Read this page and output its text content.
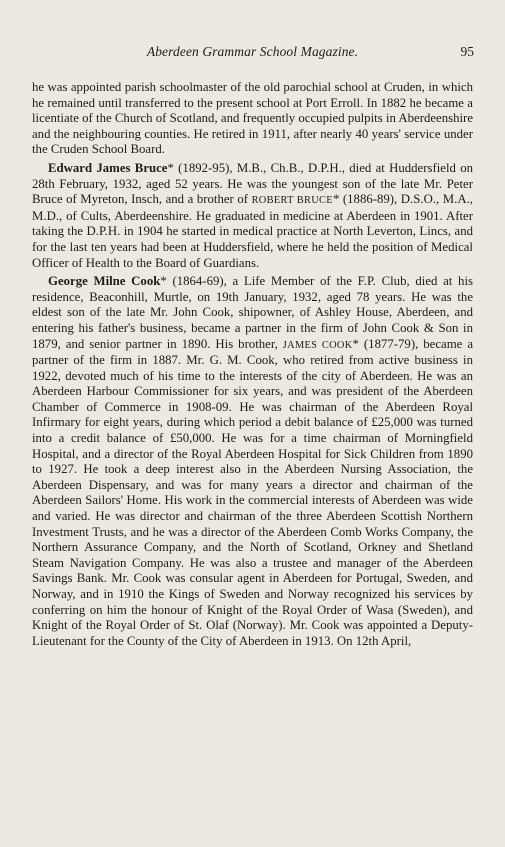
Aberdeen Grammar School Magazine.	95

he was appointed parish schoolmaster of the old parochial school at Cruden, in which he remained until transferred to the present school at Port Erroll. In 1882 he became a licentiate of the Church of Scotland, and frequently occupied pulpits in Aberdeenshire and the neighbouring counties. He retired in 1911, after nearly 40 years' service under the Cruden School Board.

Edward James Bruce* (1892-95), M.B., Ch.B., D.P.H., died at Huddersfield on 28th February, 1932, aged 52 years. He was the youngest son of the late Mr. Peter Bruce of Myreton, Insch, and a brother of ROBERT BRUCE* (1886-89), D.S.O., M.A., M.D., of Cults, Aberdeenshire. He graduated in medicine at Aberdeen in 1901. After taking the D.P.H. in 1904 he started in medical practice at North Leverton, Lincs, and for the last ten years had been at Huddersfield, where he held the position of Medical Officer of Health to the Board of Guardians.

George Milne Cook* (1864-69), a Life Member of the F.P. Club, died at his residence, Beaconhill, Murtle, on 19th January, 1932, aged 78 years. He was the eldest son of the late Mr. John Cook, shipowner, of Ashley House, Aberdeen, and entering his father's business, became a partner in the firm of John Cook & Son in 1879, and senior partner in 1890. His brother, JAMES COOK* (1877-79), became a partner of the firm in 1887. Mr. G. M. Cook, who retired from active business in 1922, devoted much of his time to the interests of the city of Aberdeen. He was an Aberdeen Harbour Commissioner for six years, and was president of the Aberdeen Chamber of Commerce in 1908-09. He was chairman of the Aberdeen Royal Infirmary for eight years, during which period a debit balance of £25,000 was turned into a credit balance of £50,000. He was for a time chairman of Morningfield Hospital, and a director of the Royal Aberdeen Hospital for Sick Children from 1890 to 1927. He took a deep interest also in the Aberdeen Nursing Association, the Aberdeen Dispensary, and was for many years a director and chairman of the Aberdeen Sailors' Home. His work in the commercial interests of Aberdeen was wide and varied. He was director and chairman of the three Aberdeen Scottish Northern Investment Trusts, and he was a director of the Aberdeen Comb Works Company, the Northern Assurance Company, and the North of Scotland, Orkney and Shetland Steam Navigation Company. He was also a trustee and manager of the Aberdeen Savings Bank. Mr. Cook was consular agent in Aberdeen for Portugal, Sweden, and Norway, and in 1910 the Kings of Sweden and Norway recognized his services by conferring on him the honour of Knight of the Royal Order of Wasa (Sweden), and Knight of the Royal Order of St. Olaf (Norway). Mr. Cook was appointed a Deputy-Lieutenant for the County of the City of Aberdeen in 1913. On 12th April,
